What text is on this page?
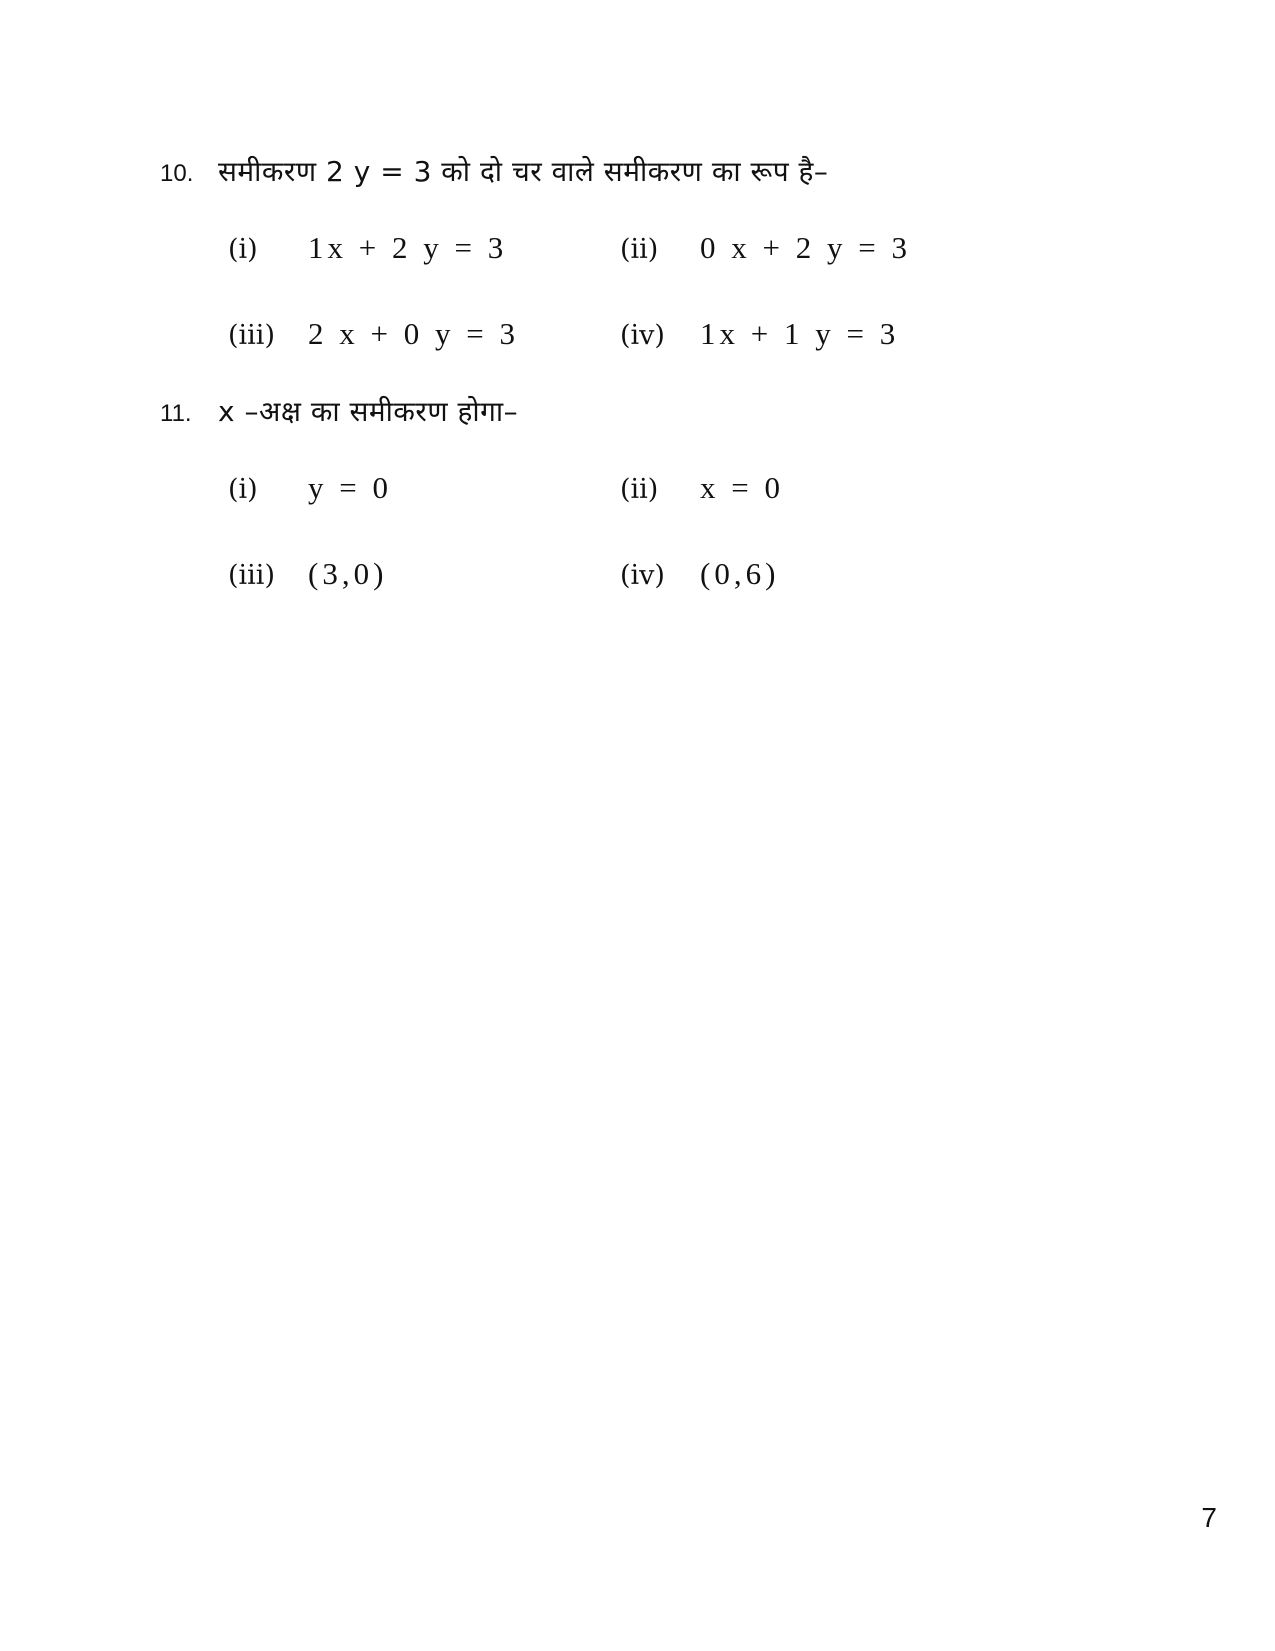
10. समीकरण 2 y = 3 को दो चर वाले समीकरण का रूप है–
(i)	1x + 2 y = 3	(ii)	0 x + 2 y = 3
(iii)	2 x + 0 y = 3	(iv)	1x + 1 y = 3
11. x –अक्ष का समीकरण होगा–
(i)	y = 0	(ii)	x = 0
(iii)	(3,0)	(iv)	(0,6)
7
